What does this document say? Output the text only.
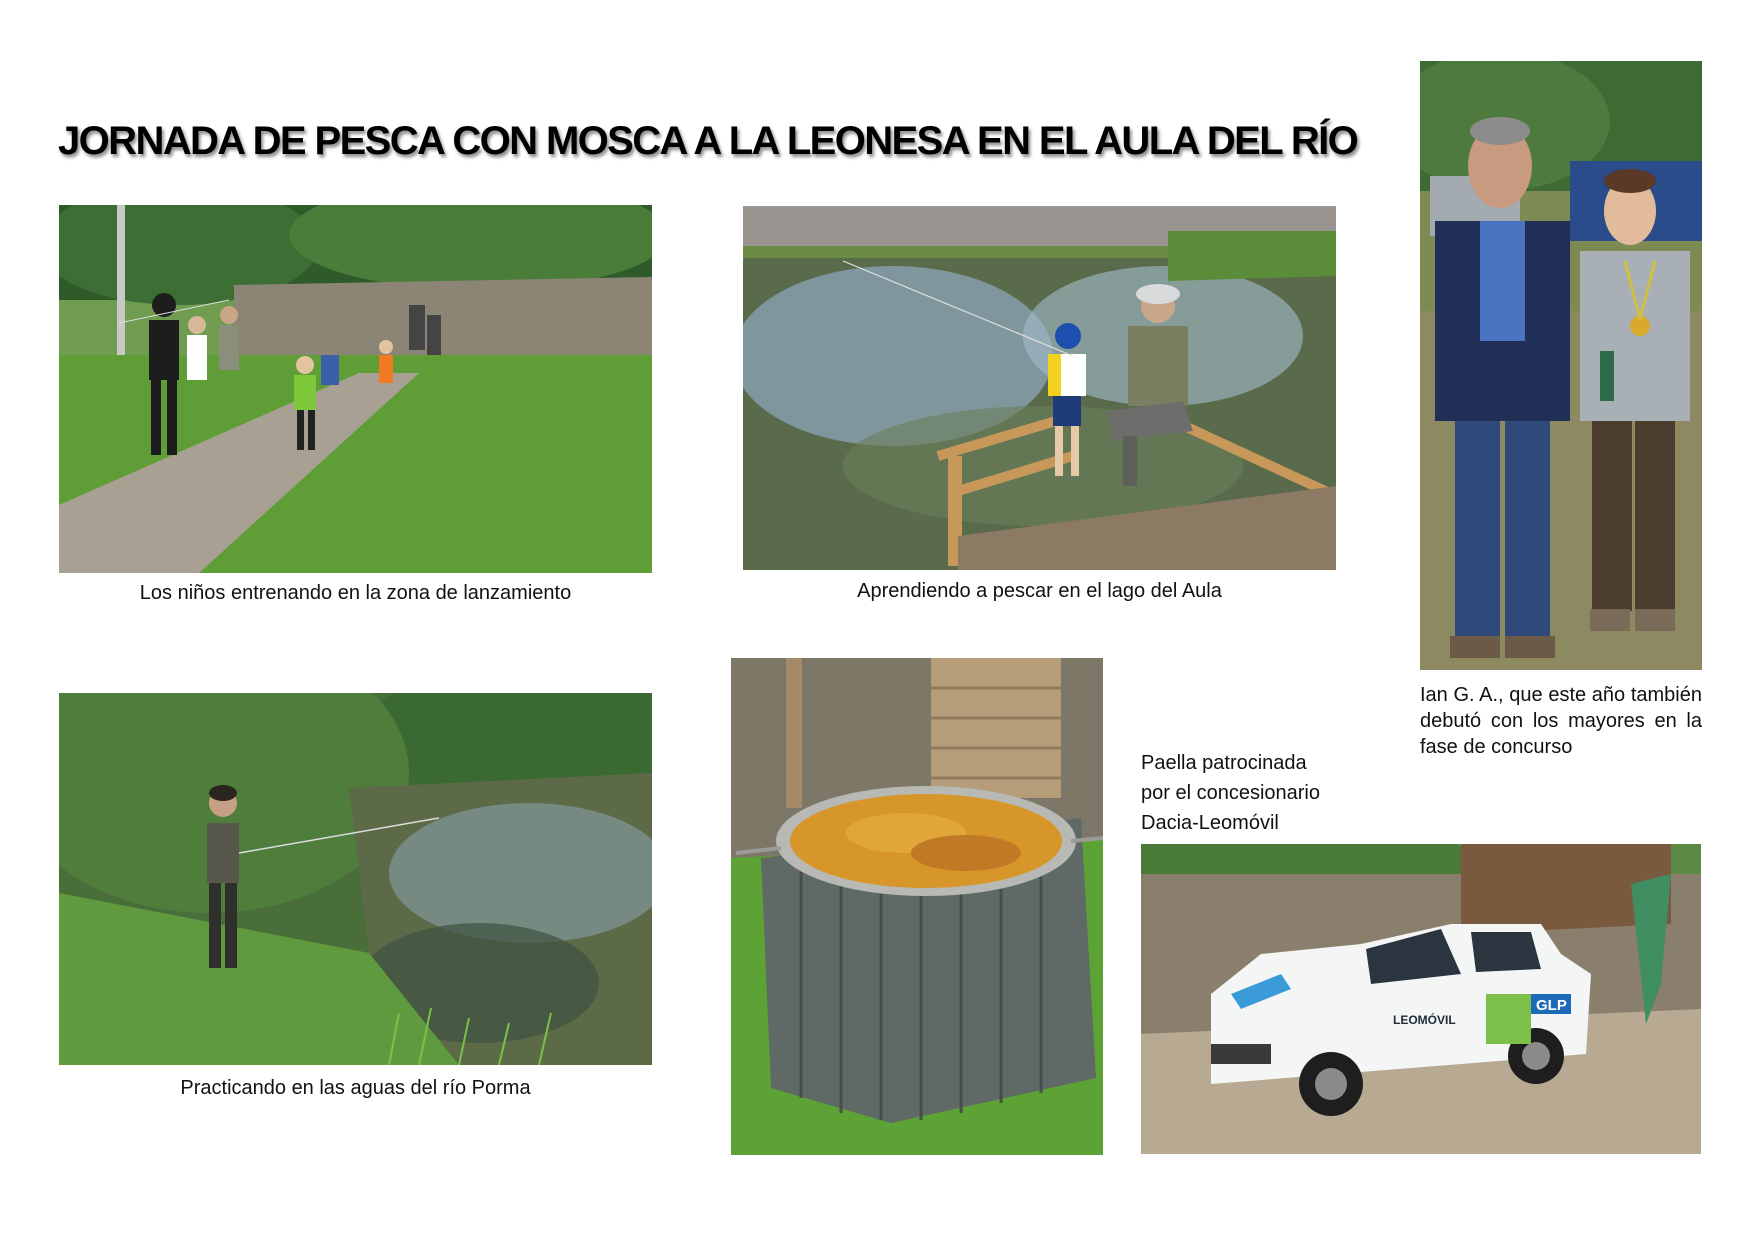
JORNADA DE PESCA CON MOSCA A LA LEONESA EN EL AULA DEL RÍO
Los niños entrenando en la zona de lanzamiento	Aprendiendo a pescar en el lago del Aula
Ian G. A., que este año también debutó con los mayores en la fase de concurso
Practicando en las aguas del río Porma
Paella patrocinada por el concesionario Dacia-Leomóvil
LEOMÓVIL
GLP
